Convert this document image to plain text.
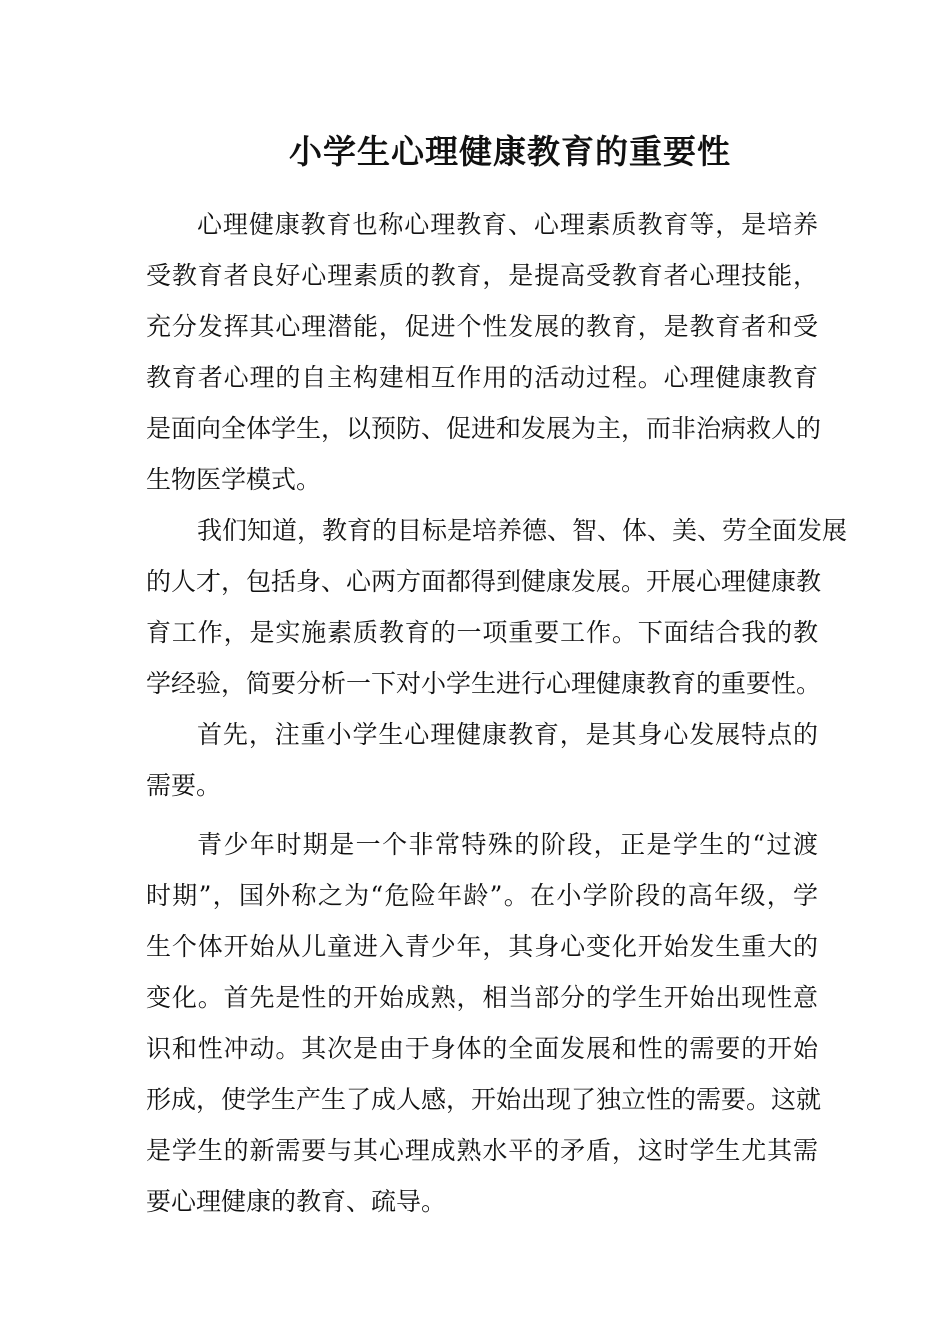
小学生心理健康教育的重要性
心理健康教育也称心理教育、心理素质教育等，是培养
受教育者良好心理素质的教育，是提高受教育者心理技能，
充分发挥其心理潜能，促进个性发展的教育，是教育者和受
教育者心理的自主构建相互作用的活动过程。心理健康教育
是面向全体学生，以预防、促进和发展为主，而非治病救人的
生物医学模式。
我们知道，教育的目标是培养德、智、体、美、劳全面发展
的人才，包括身、心两方面都得到健康发展。开展心理健康教
育工作，是实施素质教育的一项重要工作。下面结合我的教
学经验，简要分析一下对小学生进行心理健康教育的重要性。
首先，注重小学生心理健康教育，是其身心发展特点的
需要。
青少年时期是一个非常特殊的阶段，正是学生的“过渡
时期”，国外称之为“危险年龄”。在小学阶段的高年级，学
生个体开始从儿童进入青少年，其身心变化开始发生重大的
变化。首先是性的开始成熟，相当部分的学生开始出现性意
识和性冲动。其次是由于身体的全面发展和性的需要的开始
形成，使学生产生了成人感，开始出现了独立性的需要。这就
是学生的新需要与其心理成熟水平的矛盾，这时学生尤其需
要心理健康的教育、疏导。
